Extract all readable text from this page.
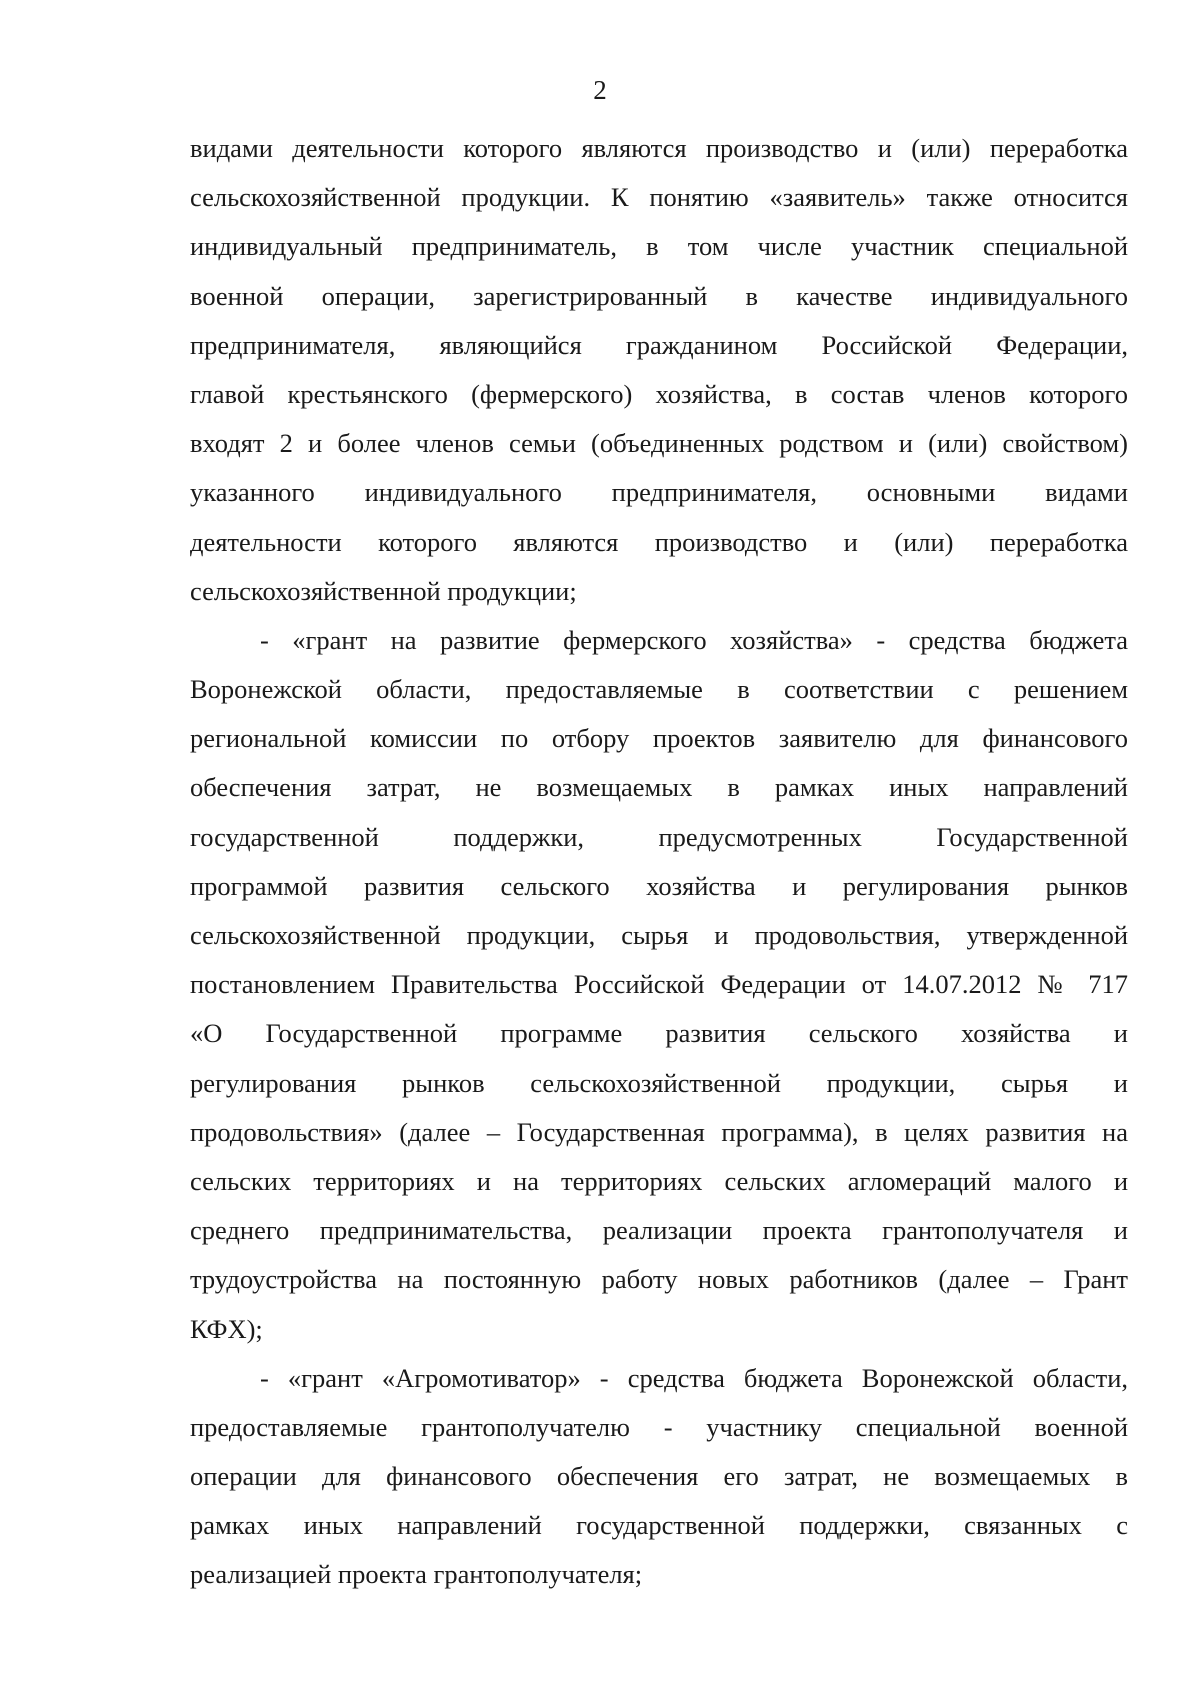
2
видами деятельности которого являются производство и (или) переработка
сельскохозяйственной продукции. К понятию «заявитель» также относится
индивидуальный предприниматель, в том числе участник специальной
военной операции, зарегистрированный в качестве индивидуального
предпринимателя, являющийся гражданином Российской Федерации,
главой крестьянского (фермерского) хозяйства, в состав членов которого
входят 2 и более членов семьи (объединенных родством и (или) свойством)
указанного индивидуального предпринимателя, основными видами
деятельности которого являются производство и (или) переработка
сельскохозяйственной продукции;
- «грант на развитие фермерского хозяйства» - средства бюджета
Воронежской области, предоставляемые в соответствии с решением
региональной комиссии по отбору проектов заявителю для финансового
обеспечения затрат, не возмещаемых в рамках иных направлений
государственной поддержки, предусмотренных Государственной
программой развития сельского хозяйства и регулирования рынков
сельскохозяйственной продукции, сырья и продовольствия, утвержденной
постановлением Правительства Российской Федерации от 14.07.2012 № 717
«О Государственной программе развития сельского хозяйства и
регулирования рынков сельскохозяйственной продукции, сырья и
продовольствия» (далее – Государственная программа), в целях развития на
сельских территориях и на территориях сельских агломераций малого и
среднего предпринимательства, реализации проекта грантополучателя и
трудоустройства на постоянную работу новых работников (далее – Грант
КФХ);
- «грант «Агромотиватор» - средства бюджета Воронежской области,
предоставляемые грантополучателю - участнику специальной военной
операции для финансового обеспечения его затрат, не возмещаемых в
рамках иных направлений государственной поддержки, связанных с
реализацией проекта грантополучателя;
